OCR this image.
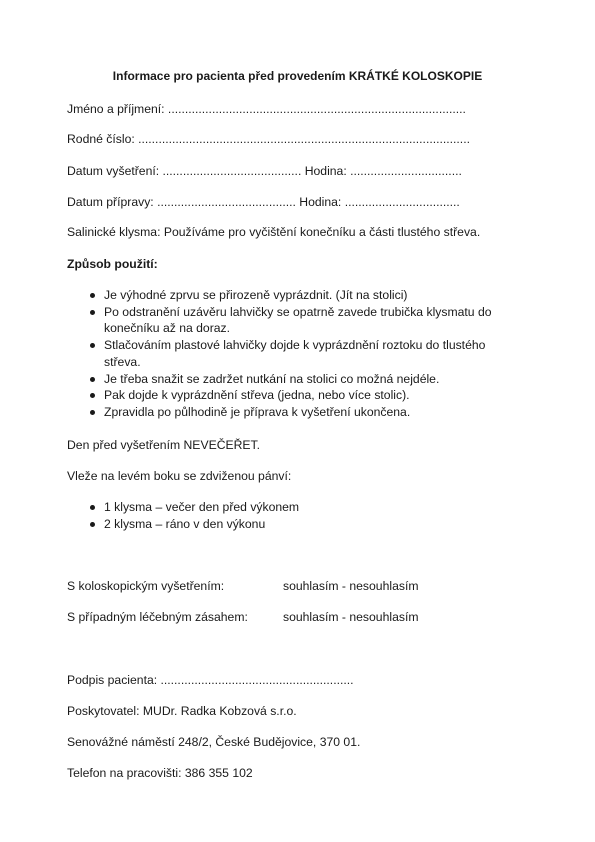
Informace pro pacienta před provedením KRÁTKÉ KOLOSKOPIE
Jméno a příjmení: ........................................................................................
Rodné číslo: ..................................................................................................
Datum vyšetření: ......................................... Hodina: .................................
Datum přípravy: ......................................... Hodina: ..................................
Salinické klysma: Používáme pro vyčištění konečníku a části tlustého střeva.
Způsob použití:
Je výhodné zprvu se přirozeně vyprázdnit. (Jít na stolici)
Po odstranění uzávěru lahvičky se opatrně zavede trubička klysmatu do konečníku až na doraz.
Stlačováním plastové lahvičky dojde k vyprázdnění roztoku do tlustého střeva.
Je třeba snažit se zadržet nutkání na stolici co možná nejdéle.
Pak dojde k vyprázdnění střeva (jedna, nebo více stolic).
Zpravidla po půlhodině je příprava k vyšetření ukončena.
Den před vyšetřením NEVEČEŘET.
Vleže na levém boku se zdviženou pánví:
1 klysma – večer den před výkonem
2 klysma – ráno v den výkonu
S koloskopickým vyšetřením:	souhlasím - nesouhlasím
S případným léčebným zásahem:	souhlasím - nesouhlasím
Podpis pacienta: .........................................................
Poskytovatel: MUDr. Radka Kobzová s.r.o.
Senovážné náměstí 248/2, České Budějovice, 370 01.
Telefon na pracovišti: 386 355 102
